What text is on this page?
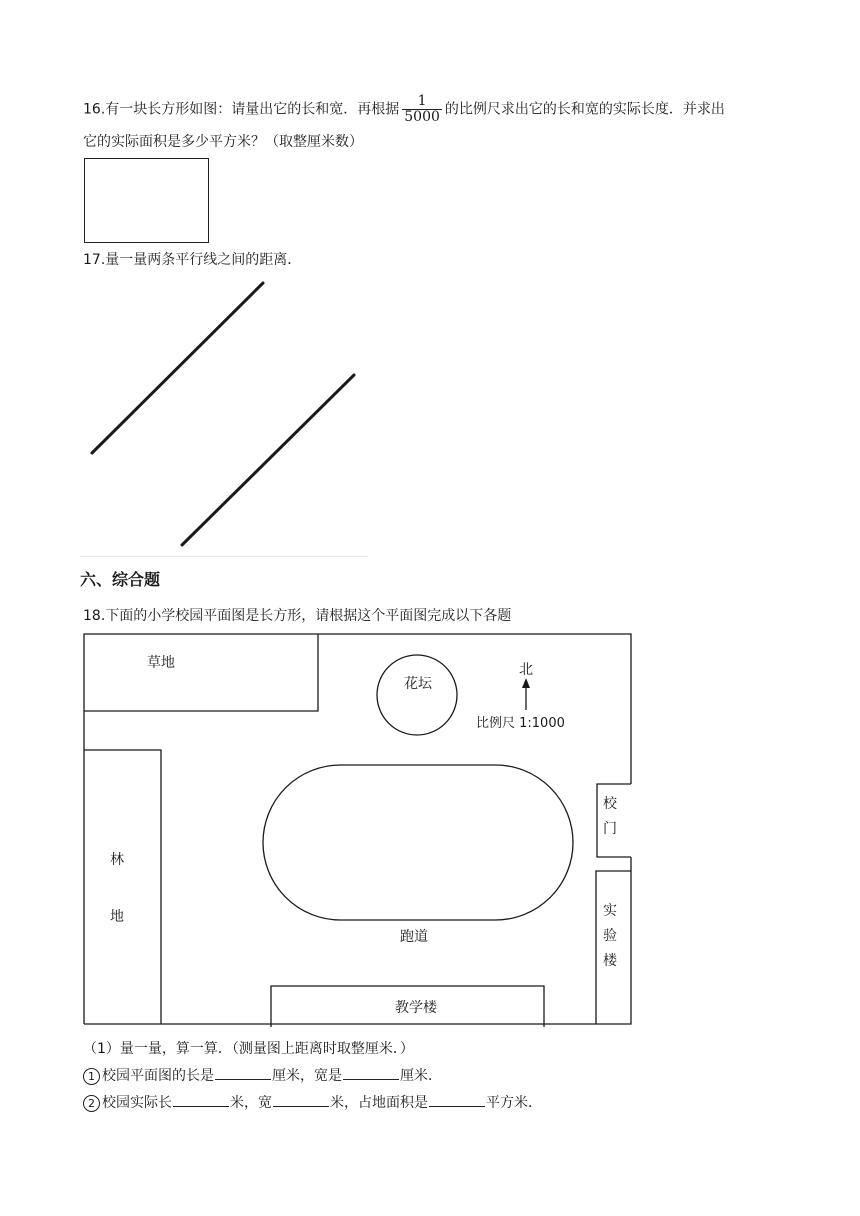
16.有一块长方形如图：请量出它的长和宽．再根据 $\frac{1}{5000}$ 的比例尺求出它的长和宽的实际长度．并求出
它的实际面积是多少平方米？（取整厘米数）
17.量一量两条平行线之间的距离．
六、综合题
18.下面的小学校园平面图是长方形，请根据这个平面图完成以下各题
草地
花坛
北
比例尺 1:1000
林
地
校
门
实
验
楼
跑道
教学楼
（1）量一量，算一算．（测量图上距离时取整厘米．）
1 校园平面图的长是	厘米，宽是	厘米．
2 校园实际长	米，宽	米，占地面积是	平方米．
